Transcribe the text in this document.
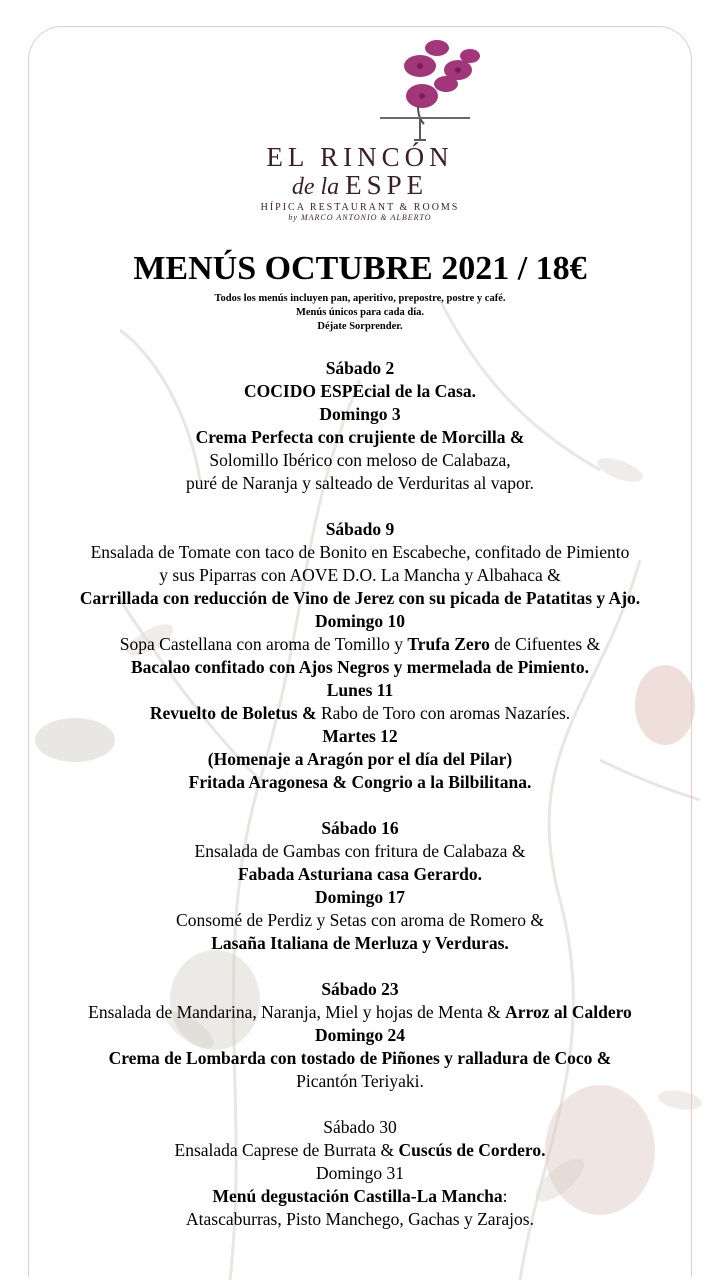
EL RINCÓN
de la ESPE
HÍPICA RESTAURANT & ROOMS
by MARCO ANTONIO & ALBERTO
MENÚS OCTUBRE 2021 / 18€
Todos los menús incluyen pan, aperitivo, prepostre, postre y café.
Menús únicos para cada día.
Déjate Sorprender.
Sábado 2
COCIDO ESPEcial de la Casa.
Domingo 3
Crema Perfecta con crujiente de Morcilla &
Solomillo Ibérico con meloso de Calabaza,
puré de Naranja y salteado de Verduritas al vapor.
Sábado 9
Ensalada de Tomate con taco de Bonito en Escabeche, confitado de Pimiento
y sus Piparras con AOVE D.O. La Mancha y Albahaca &
Carrillada con reducción de Vino de Jerez con su picada de Patatitas y Ajo.
Domingo 10
Sopa Castellana con aroma de Tomillo y Trufa Zero de Cifuentes &
Bacalao confitado con Ajos Negros y mermelada de Pimiento.
Lunes 11
Revuelto de Boletus & Rabo de Toro con aromas Nazaríes.
Martes 12
(Homenaje a Aragón por el día del Pilar)
Fritada Aragonesa & Congrio a la Bilbilitana.
Sábado 16
Ensalada de Gambas con fritura de Calabaza &
Fabada Asturiana casa Gerardo.
Domingo 17
Consomé de Perdiz y Setas con aroma de Romero &
Lasaña Italiana de Merluza y Verduras.
Sábado 23
Ensalada de Mandarina, Naranja, Miel y hojas de Menta & Arroz al Caldero
Domingo 24
Crema de Lombarda con tostado de Piñones y ralladura de Coco &
Picantón Teriyaki.
Sábado 30
Ensalada Caprese de Burrata & Cuscús de Cordero.
Domingo 31
Menú degustación Castilla-La Mancha:
Atascaburras, Pisto Manchego, Gachas y Zarajos.
